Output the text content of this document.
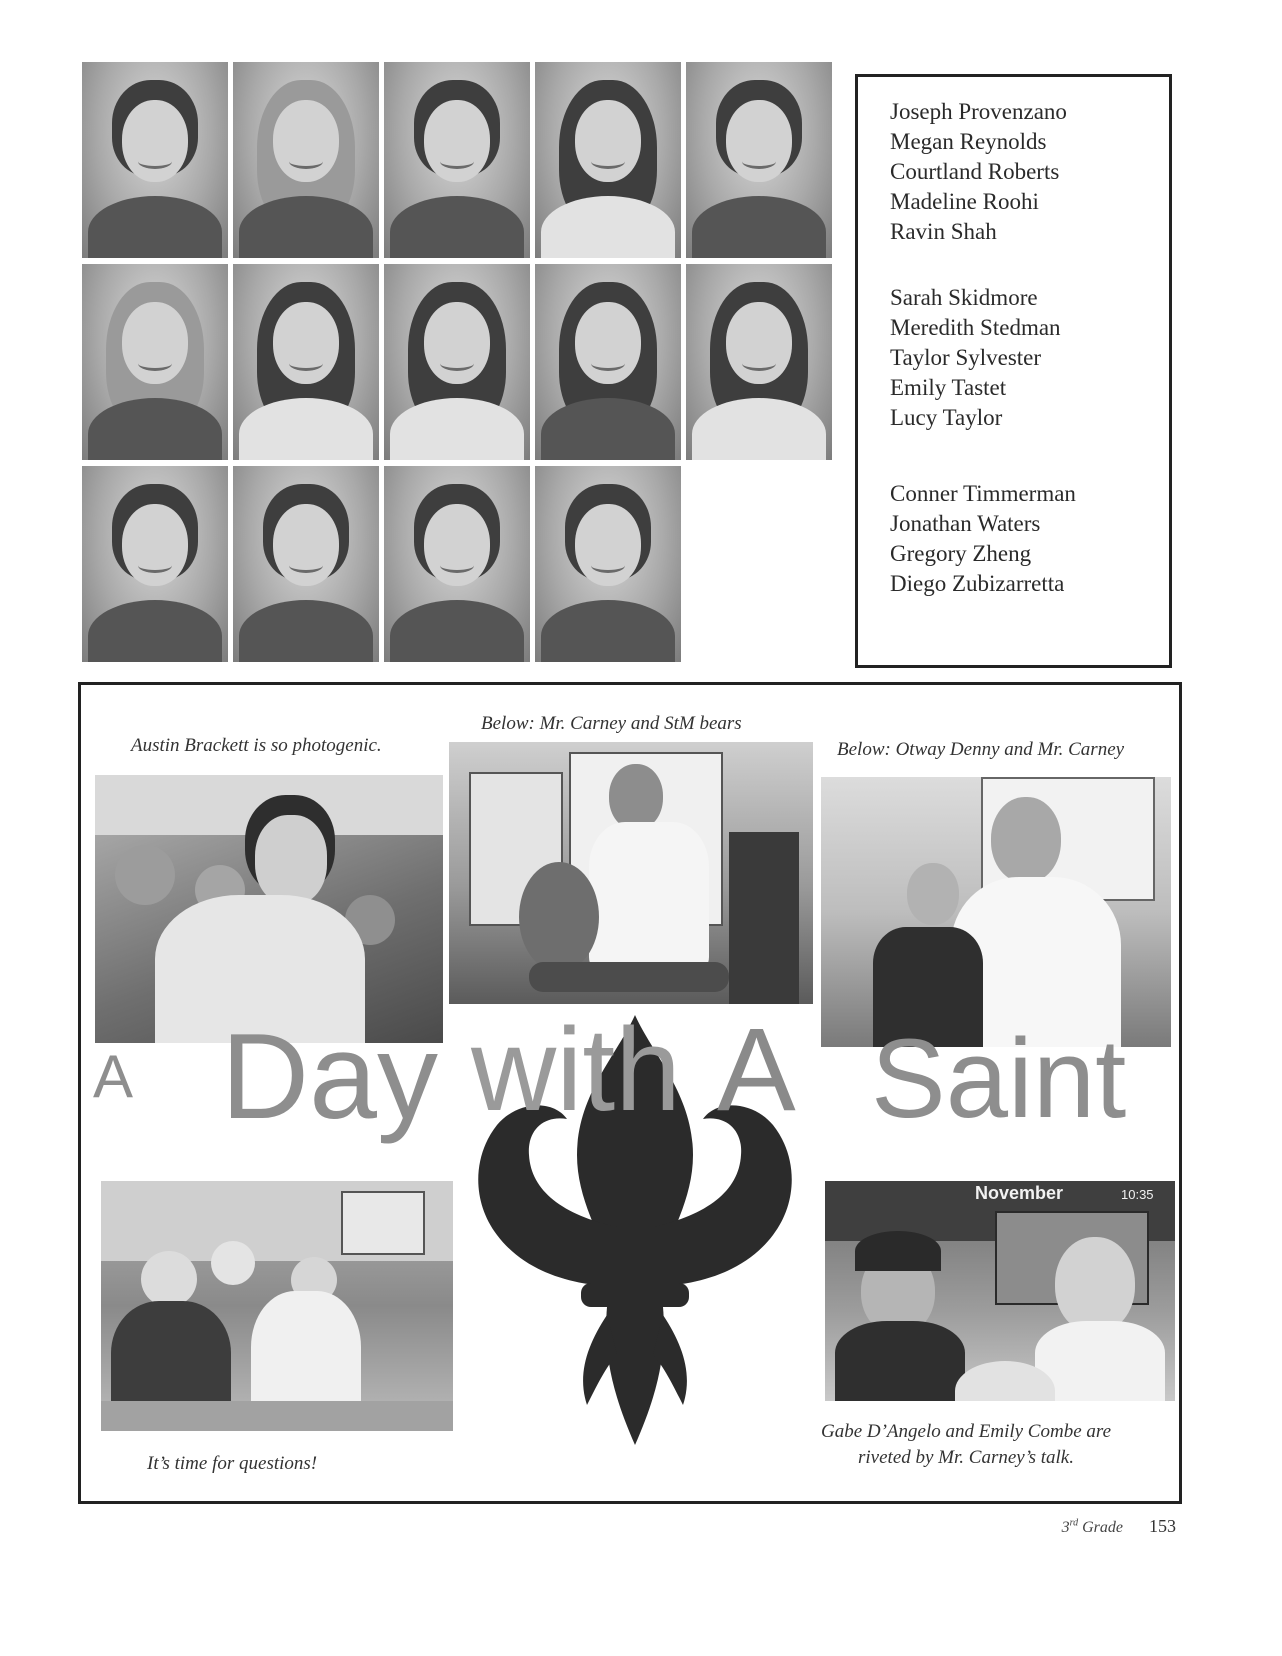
Joseph Provenzano
Megan Reynolds
Courtland Roberts
Madeline Roohi
Ravin Shah
Sarah Skidmore
Meredith Stedman
Taylor Sylvester
Emily Tastet
Lucy Taylor
Conner Timmerman
Jonathan Waters
Gregory Zheng
Diego Zubizarretta
Austin Brackett is so photogenic.
Below: Mr. Carney and StM bears
Below: Otway Denny and Mr. Carney
A Day with A Saint
It’s time for questions!
November	10:35
Gabe D’Angelo and Emily Combe are
riveted by Mr. Carney’s talk.
3rd Grade 153
